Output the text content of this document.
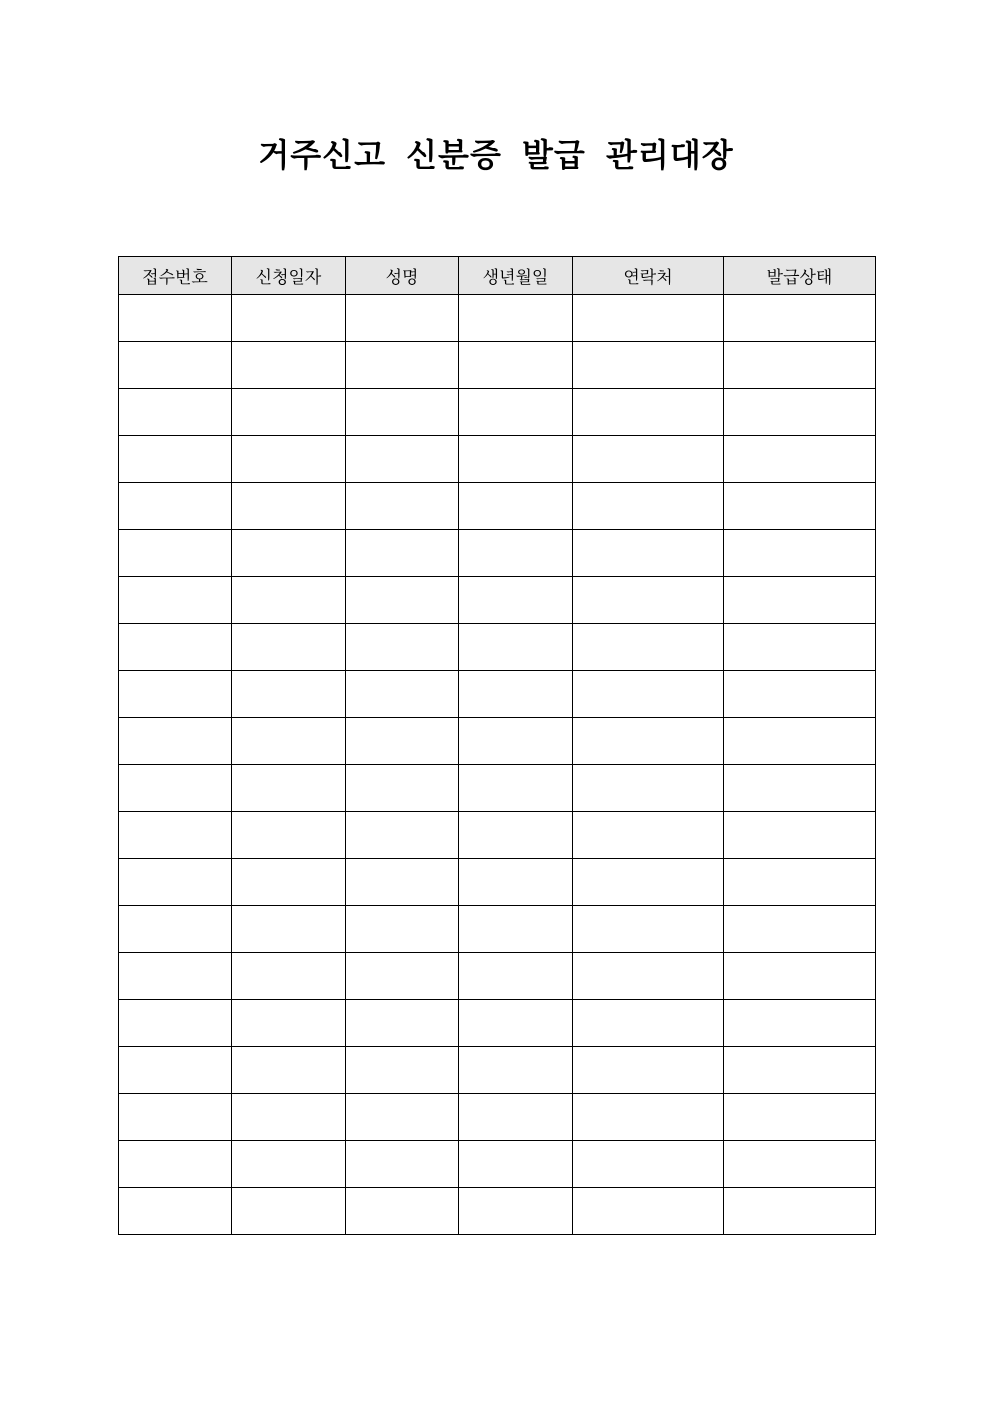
거주신고 신분증 발급 관리대장
접수번호	신청일자	성명	생년월일	연락처	발급상태
